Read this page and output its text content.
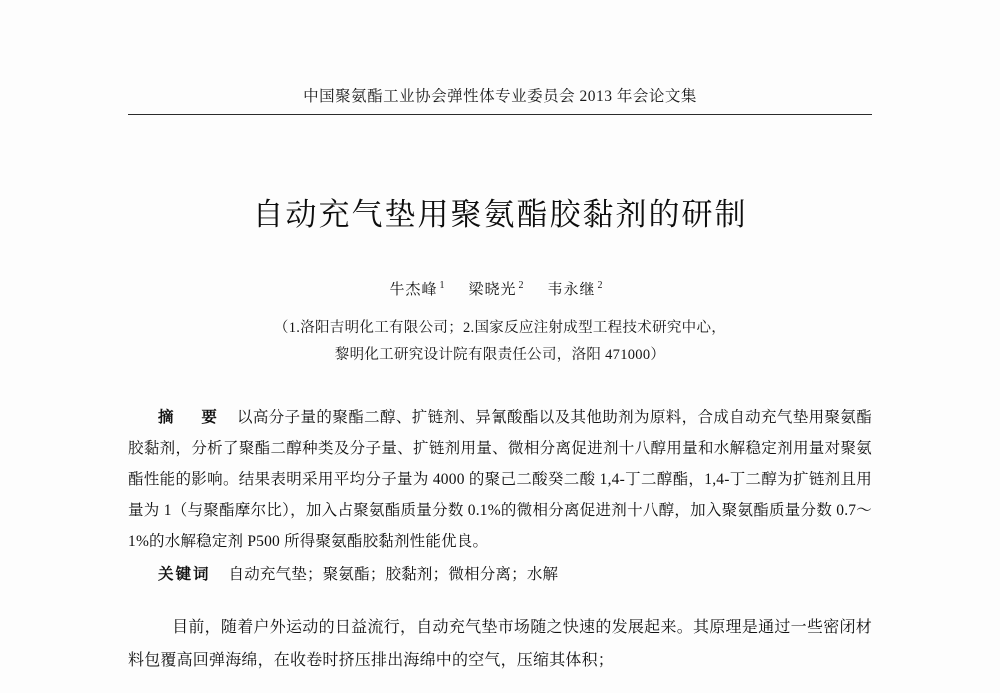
中国聚氨酯工业协会弹性体专业委员会 2013 年会论文集
自动充气垫用聚氨酯胶黏剂的研制
牛杰峰 $^1$ 梁晓光 $^2$ 韦永继 $^2$
（1.洛阳吉明化工有限公司；2.国家反应注射成型工程技术研究中心，
黎明化工研究设计院有限责任公司，洛阳 471000）
摘　要 以高分子量的聚酯二醇、扩链剂、异氰酸酯以及其他助剂为原料，合成自动充气垫用聚氨酯胶黏剂，分析了聚酯二醇种类及分子量、扩链剂用量、微相分离促进剂十八醇用量和水解稳定剂用量对聚氨酯性能的影响。结果表明采用平均分子量为 4000 的聚己二酸癸二酸 1,4-丁二醇酯，1,4-丁二醇为扩链剂且用量为 1（与聚酯摩尔比），加入占聚氨酯质量分数 0.1%的微相分离促进剂十八醇，加入聚氨酯质量分数 0.7～1%的水解稳定剂 P500 所得聚氨酯胶黏剂性能优良。
关键词 自动充气垫；聚氨酯；胶黏剂；微相分离；水解
目前，随着户外运动的日益流行，自动充气垫市场随之快速的发展起来。其原理是通过一些密闭材料包覆高回弹海绵，在收卷时挤压排出海绵中的空气，压缩其体积；
